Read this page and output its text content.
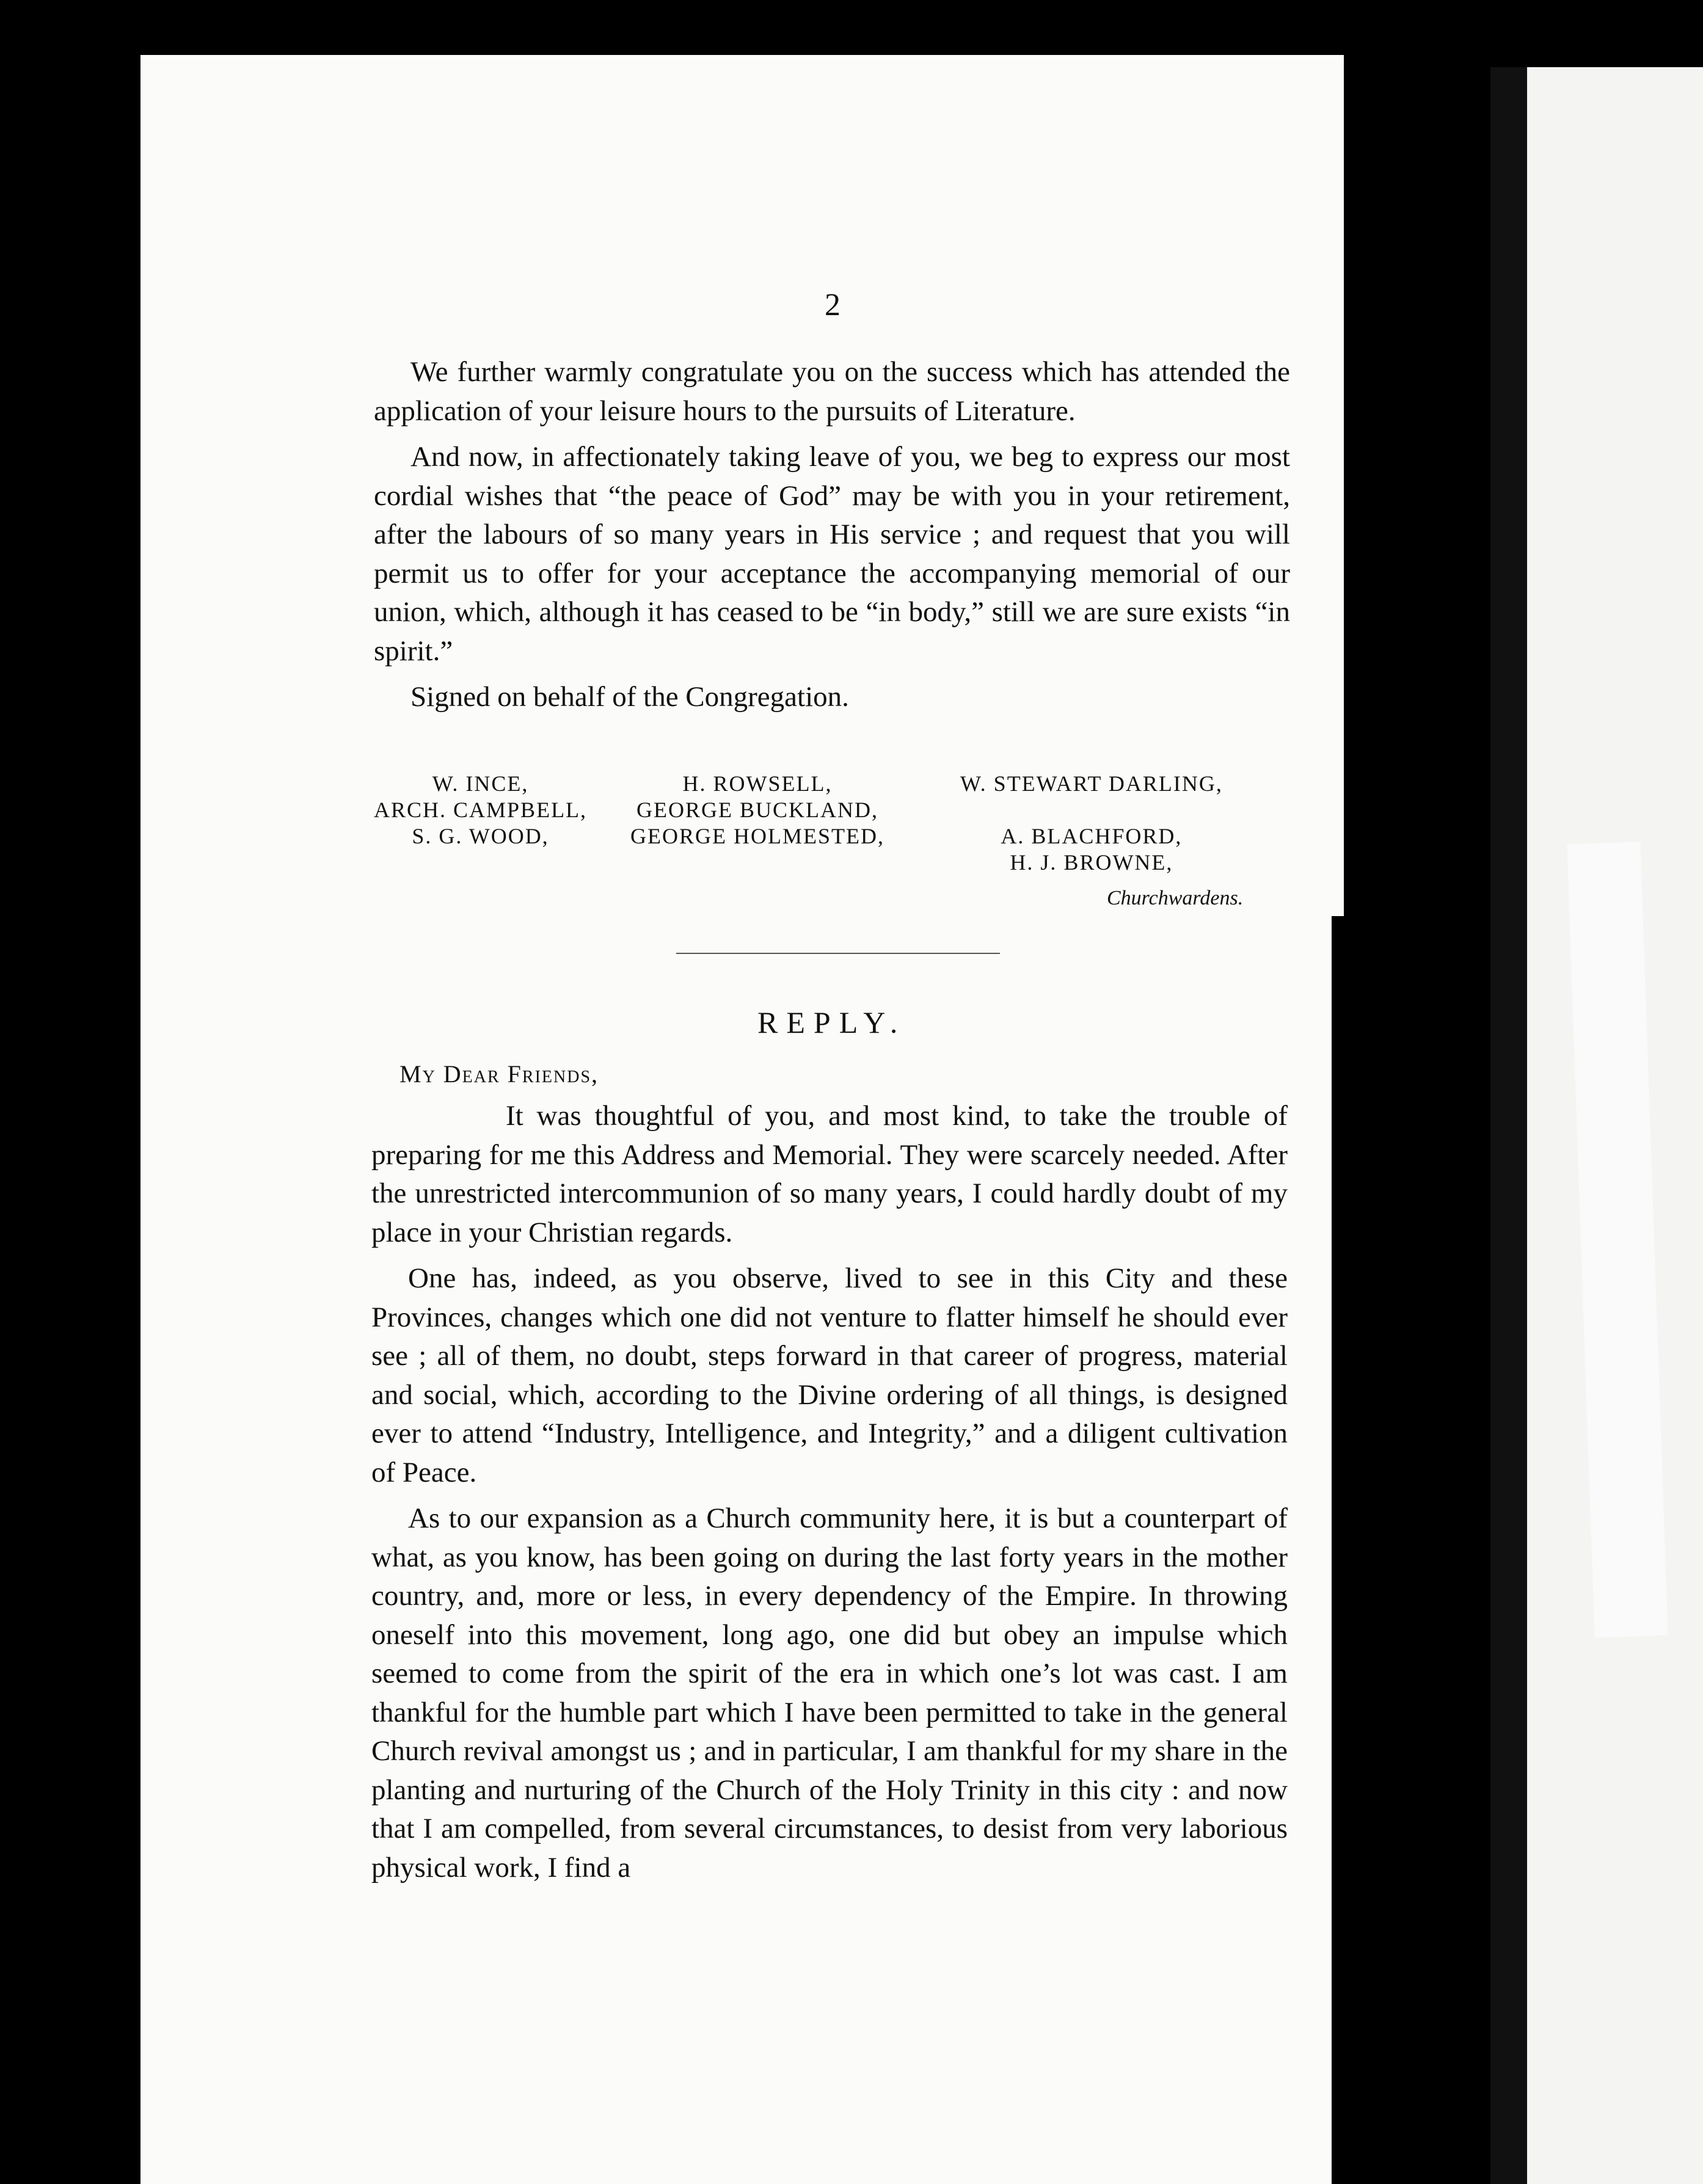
2

We further warmly congratulate you on the success which has attended the application of your leisure hours to the pursuits of Literature.

And now, in affectionately taking leave of you, we beg to express our most cordial wishes that “the peace of God” may be with you in your retirement, after the labours of so many years in His service ; and request that you will permit us to offer for your acceptance the accompanying memorial of our union, which, although it has ceased to be “in body,” still we are sure exists “in spirit.”

Signed on behalf of the Congregation.

W. INCE,
ARCH. CAMPBELL,
S. G. WOOD,
H. ROWSELL,
GEORGE BUCKLAND,
GEORGE HOLMESTED,
W. STEWART DARLING,
A. BLACHFORD,
H. J. BROWNE,
Churchwardens.
REPLY.
My Dear Friends,

It was thoughtful of you, and most kind, to take the trouble of preparing for me this Address and Memorial. They were scarcely needed. After the unrestricted intercommunion of so many years, I could hardly doubt of my place in your Christian regards.

One has, indeed, as you observe, lived to see in this City and these Provinces, changes which one did not venture to flatter himself he should ever see ; all of them, no doubt, steps forward in that career of progress, material and social, which, according to the Divine ordering of all things, is designed ever to attend “Industry, Intelligence, and Integrity,” and a diligent cultivation of Peace.

As to our expansion as a Church community here, it is but a counterpart of what, as you know, has been going on during the last forty years in the mother country, and, more or less, in every dependency of the Empire. In throwing oneself into this movement, long ago, one did but obey an impulse which seemed to come from the spirit of the era in which one’s lot was cast. I am thankful for the humble part which I have been permitted to take in the general Church revival amongst us ; and in particular, I am thankful for my share in the planting and nurturing of the Church of the Holy Trinity in this city : and now that I am compelled, from several circumstances, to desist from very laborious physical work, I find a
